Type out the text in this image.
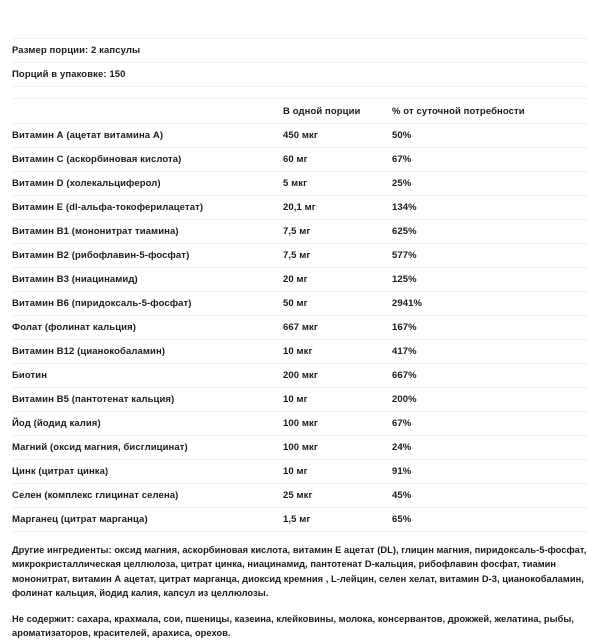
Размер порции: 2 капсулы
Порций в упаковке: 150

	В одной порции	% от суточной потребности
Витамин А (ацетат витамина А)	450 мкг	50%
Витамин С (аскорбиновая кислота)	60 мг	67%
Витамин D (холекальциферол)	5 мкг	25%
Витамин Е (dl-альфа-токоферилацетат)	20,1 мг	134%
Витамин B1 (мононитрат тиамина)	7,5 мг	625%
Витамин B2 (рибофлавин-5-фосфат)	7,5 мг	577%
Витамин B3 (ниацинамид)	20 мг	125%
Витамин B6 (пиридоксаль-5-фосфат)	50 мг	2941%
Фолат (фолинат кальция)	667 мкг	167%
Витамин B12 (цианокобаламин)	10 мкг	417%
Биотин	200 мкг	667%
Витамин B5 (пантотенат кальция)	10 мг	200%
Йод (йодид калия)	100 мкг	67%
Магний (оксид магния, бисглицинат)	100 мкг	24%
Цинк (цитрат цинка)	10 мг	91%
Селен (комплекс глицинат селена)	25 мкг	45%
Марганец (цитрат марганца)	1,5 мг	65%

Другие ингредиенты: оксид магния, аскорбиновая кислота, витамин Е ацетат (DL), глицин магния, пиридоксаль-5-фосфат, микрокристаллическая целлюлоза, цитрат цинка, ниацинамид, пантотенат D-кальция, рибофлавин фосфат, тиамин мононитрат, витамин А ацетат, цитрат марганца, диоксид кремния , L-лейцин, селен хелат, витамин D-3, цианокобаламин, фолинат кальция, йодид калия, капсул из целлюлозы.

Не содержит: сахара, крахмала, сои, пшеницы, казеина, клейковины, молока, консервантов, дрожжей, желатина, рыбы, ароматизаторов, красителей, арахиса, орехов.
